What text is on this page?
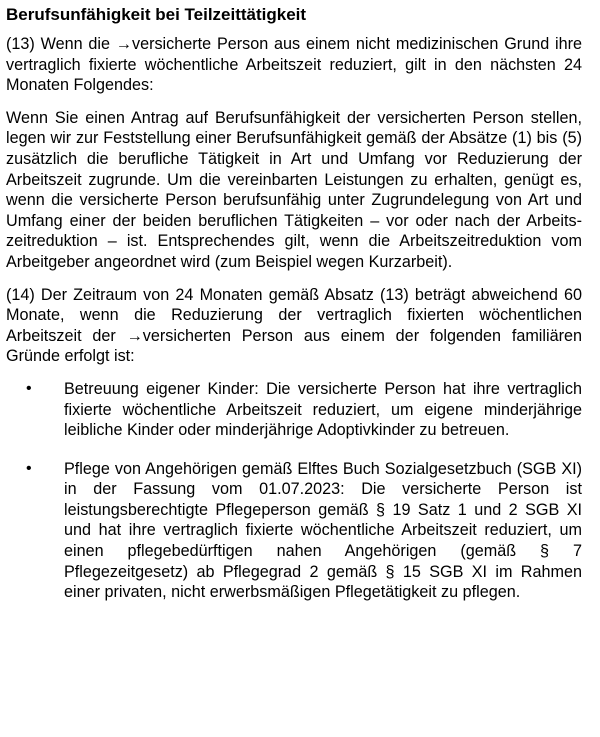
Berufsunfähigkeit bei Teilzeittätigkeit

(13) Wenn die →versicherte Person aus einem nicht medizinischen Grund ihre vertraglich fixierte wöchentliche Arbeitszeit reduziert, gilt in den nächsten 24 Monaten Folgendes:

Wenn Sie einen Antrag auf Berufsunfähigkeit der versicherten Person stellen, legen wir zur Feststellung einer Berufsunfähigkeit gemäß der Absätze (1) bis (5) zusätzlich die berufliche Tätigkeit in Art und Umfang vor Reduzierung der Arbeitszeit zugrunde. Um die vereinbarten Leistungen zu erhalten, genügt es, wenn die versicherte Person berufsunfähig unter Zugrundelegung von Art und Umfang einer der beiden beruflichen Tätigkeiten – vor oder nach der Arbeitszeitreduktion – ist. Entsprechendes gilt, wenn die Arbeitszeitreduktion vom Arbeitgeber angeordnet wird (zum Beispiel wegen Kurzarbeit).

(14) Der Zeitraum von 24 Monaten gemäß Absatz (13) beträgt abweichend 60 Monate, wenn die Reduzierung der vertraglich fixierten wöchentlichen Arbeitszeit der →versicherten Person aus einem der folgenden familiären Gründe erfolgt ist:

• Betreuung eigener Kinder: Die versicherte Person hat ihre vertraglich fixierte wöchentliche Arbeitszeit reduziert, um eigene minderjährige leibliche Kinder oder minderjährige Adoptivkinder zu betreuen.
• Pflege von Angehörigen gemäß Elftes Buch Sozialgesetzbuch (SGB XI) in der Fassung vom 01.07.2023: Die versicherte Person ist leistungsberechtigte Pflegeperson gemäß § 19 Satz 1 und 2 SGB XI und hat ihre vertraglich fixierte wöchentliche Arbeitszeit reduziert, um einen pflegebedürftigen nahen Angehörigen (gemäß § 7 Pflegezeitgesetz) ab Pflegegrad 2 gemäß § 15 SGB XI im Rahmen einer privaten, nicht erwerbsmäßigen Pflegetätigkeit zu pflegen.
